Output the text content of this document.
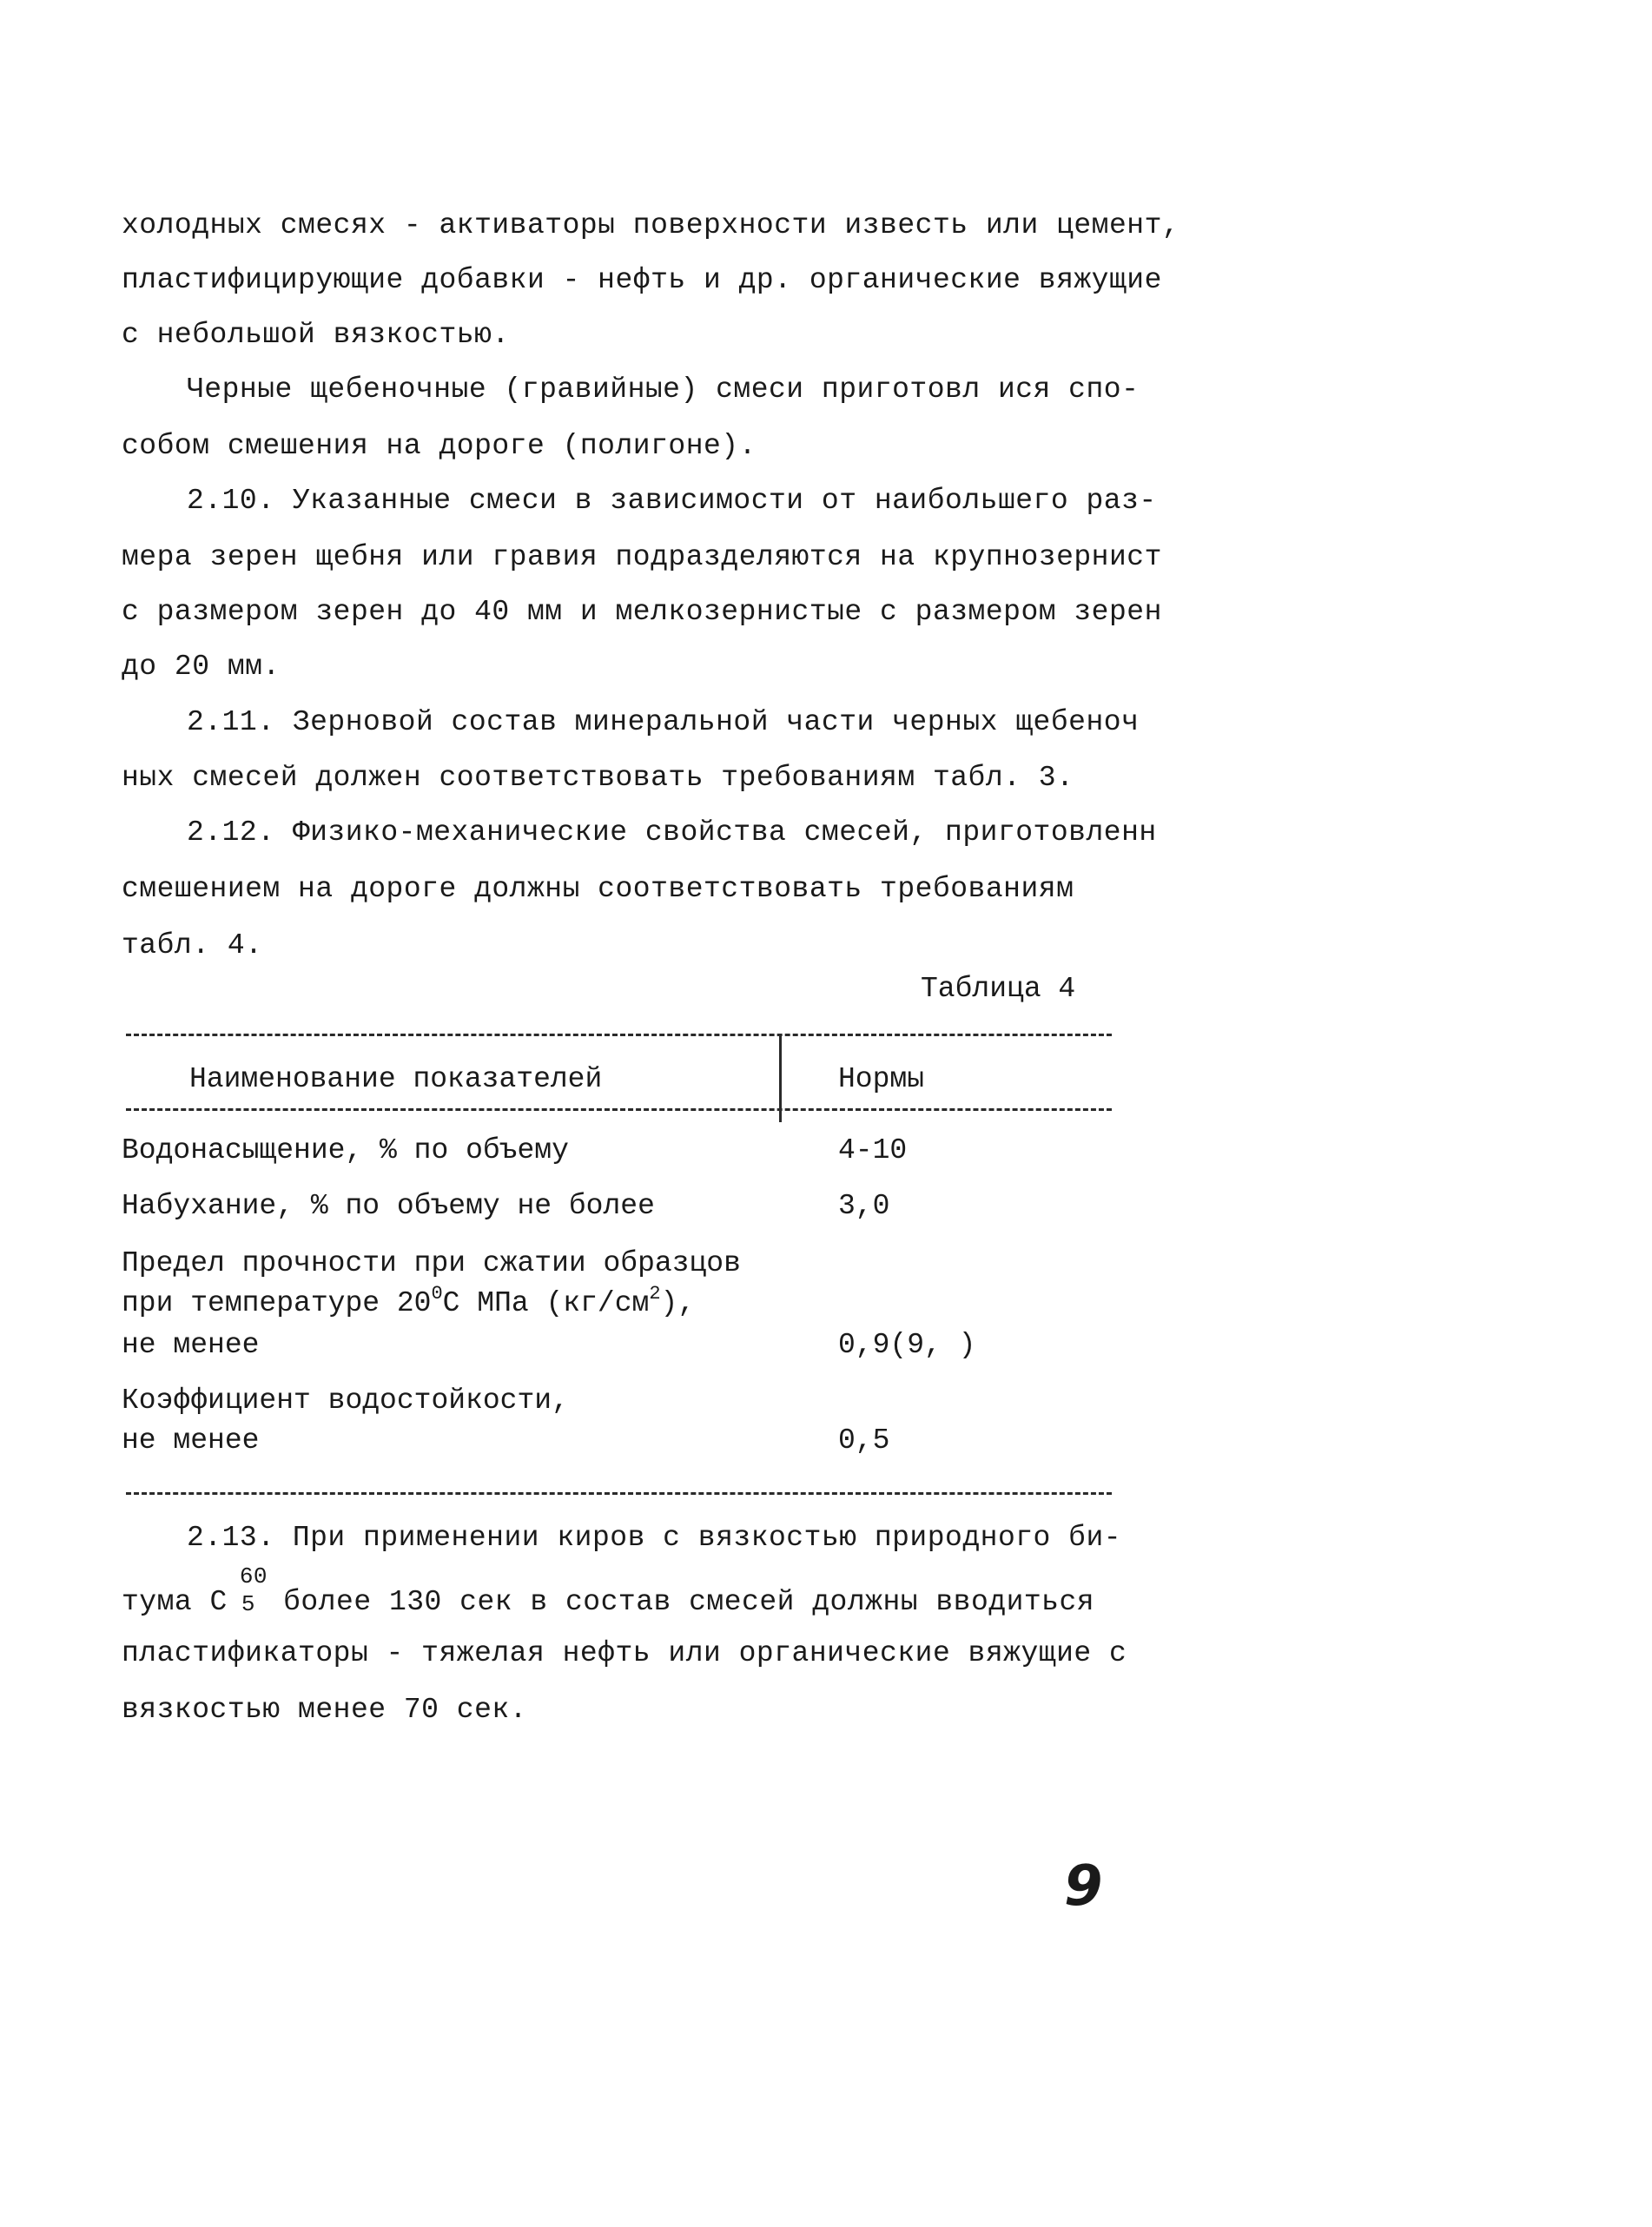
холодных смесях - активаторы поверхности известь или цемент,
пластифицирующие добавки - нефть и др. органические вяжущие
с небольшой вязкостью.
Черные щебеночные (гравийные) смеси приготовл ися спо-
собом смешения на дороге (полигоне).
2.10. Указанные смеси в зависимости от наибольшего раз-
мера зерен щебня или гравия подразделяются на крупнозернист
с размером зерен до 40 мм и мелкозернистые с размером зерен
до 20 мм.
2.11. Зерновой состав минеральной части черных щебеноч
ных смесей должен соответствовать требованиям табл. 3.
2.12. Физико-механические свойства смесей, приготовленн
смешением на дороге должны соответствовать требованиям
табл. 4.
Таблица 4
Наименование показателей	Нормы
Водонасыщение, % по объему	4-10
Набухание, % по объему не более	3,0
Предел прочности при сжатии образцов
при температуре $20^0С$ МПа $(кг/см^2)$,
не менее	0,9(9, )
Коэффициент водостойкости,
не менее	0,5
2.13. При применении киров с вязкостью природного би-
тума С
60
5 более 130 сек в состав смесей должны вводиться
пластификаторы - тяжелая нефть или органические вяжущие с
вязкостью менее 70 сек.
9
